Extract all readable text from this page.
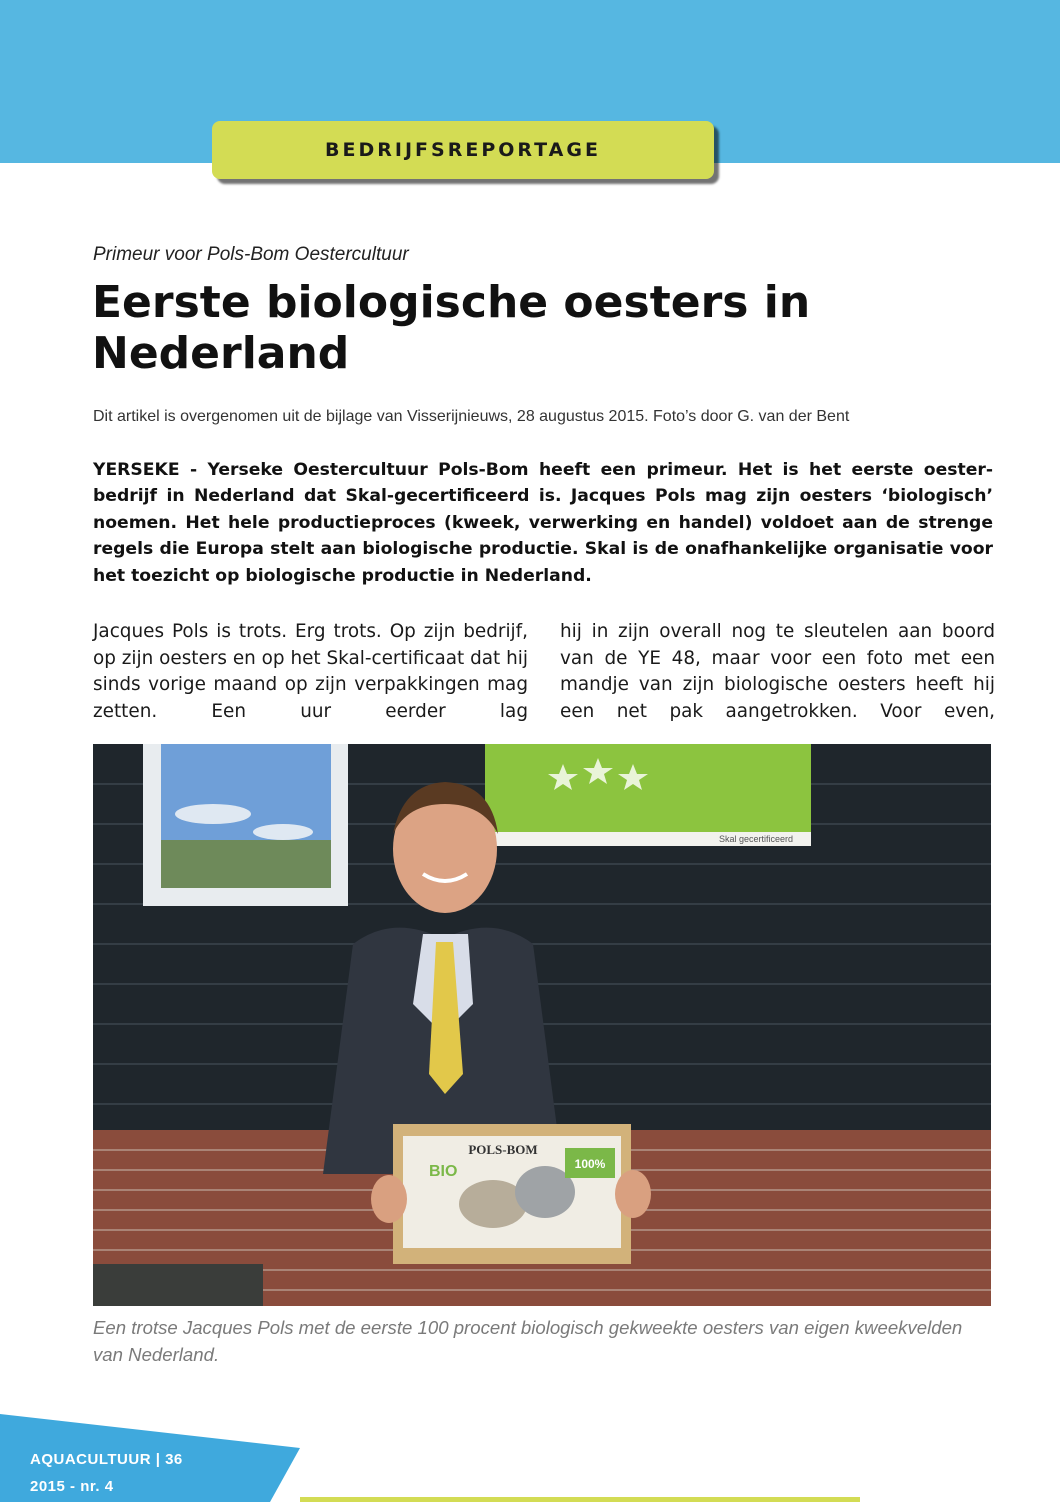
BEDRIJFSREPORTAGE
Primeur voor Pols-Bom Oestercultuur
Eerste biologische oesters in Nederland
Dit artikel is overgenomen uit de bijlage van Visserijnieuws, 28 augustus 2015. Foto’s door G. van der Bent

YERSEKE - Yerseke Oestercultuur Pols-Bom heeft een primeur. Het is het eerste oester-bedrijf in Nederland dat Skal-gecertificeerd is. Jacques Pols mag zijn oesters ‘biologisch’ noemen. Het hele productieproces (kweek, verwerking en handel) voldoet aan de strenge regels die Europa stelt aan biologische productie. Skal is de onafhankelijke organisatie voor het toezicht op biologische productie in Nederland.

Jacques Pols is trots. Erg trots. Op zijn bedrijf, op zijn oesters en op het Skal-certificaat dat hij sinds vorige maand op zijn verpakkingen mag zetten. Een uur eerder lag

hij in zijn overall nog te sleutelen aan boord van de YE 48, maar voor een foto met een mandje van zijn biologische oesters heeft hij een net pak aangetrokken. Voor even,

Skal gecertificeerd
100%
POLS-BOM
BIO

Een trotse Jacques Pols met de eerste 100 procent biologisch gekweekte oesters van eigen kweekvelden van Nederland.

AQUACULTUUR | 36
2015 - nr. 4
